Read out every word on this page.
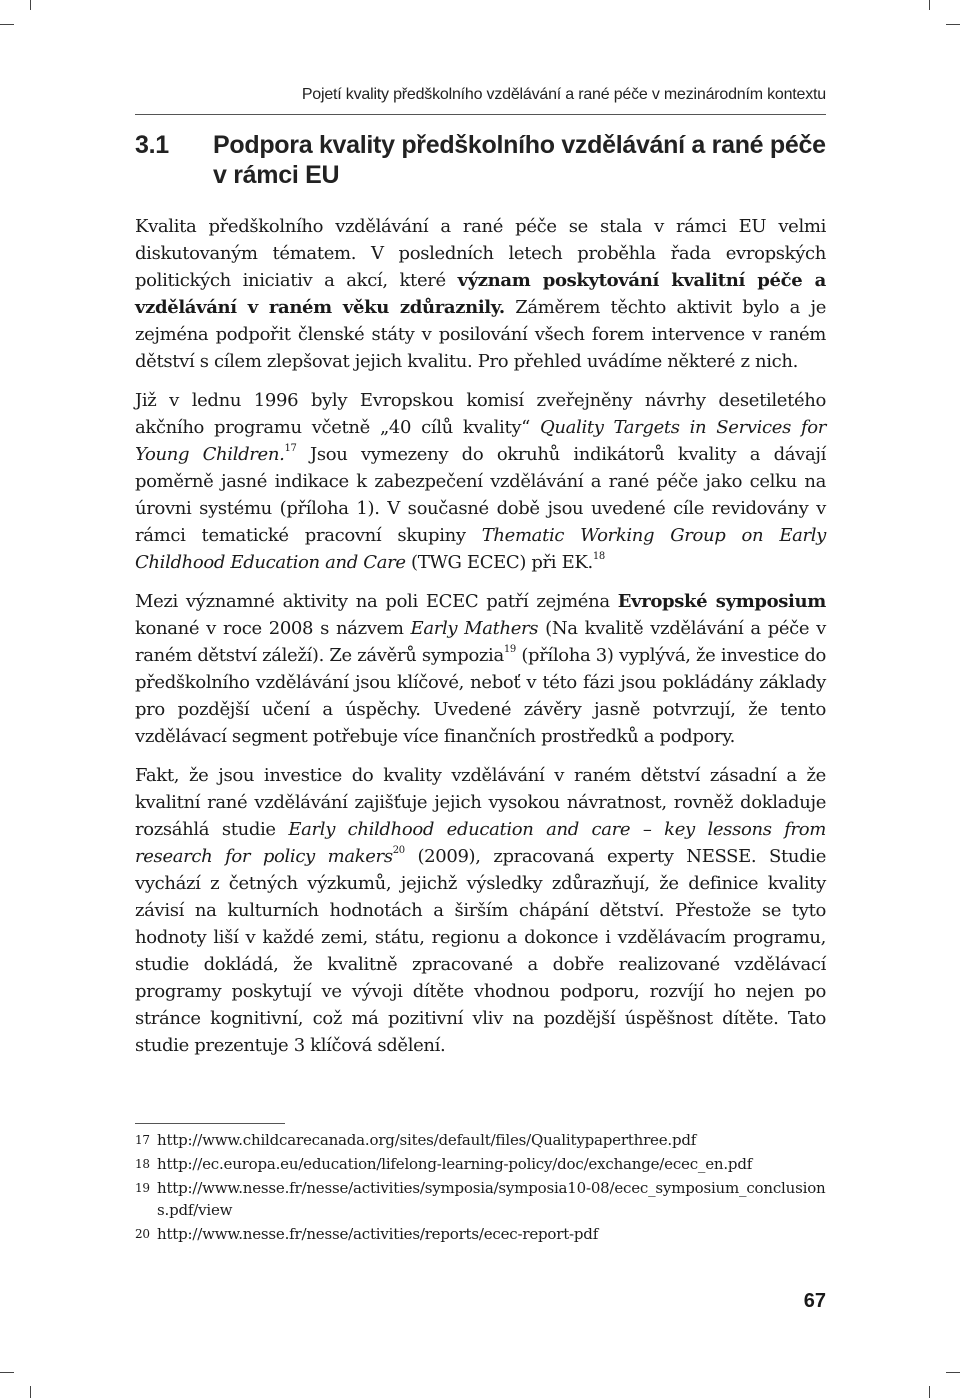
Pojetí kvality předškolního vzdělávání a rané péče v mezinárodním kontextu
3.1 Podpora kvality předškolního vzdělávání a rané péče
v rámci EU

Kvalita předškolního vzdělávání a rané péče se stala v rámci EU velmi diskutovaným tématem. V posledních letech proběhla řada evropských politických iniciativ a akcí, které význam poskytování kvalitní péče a vzdělávání v raném věku zdůraznily. Záměrem těchto aktivit bylo a je zejména podpořit členské státy v posilování všech forem intervence v raném dětství s cílem zlepšovat jejich kvalitu. Pro přehled uvádíme některé z nich.

Již v lednu 1996 byly Evropskou komisí zveřejněny návrhy desetiletého akčního programu včetně „40 cílů kvality“ Quality Targets in Services for Young Children.$^{17}$ Jsou vymezeny do okruhů indikátorů kvality a dávají poměrně jasné indikace k zabezpečení vzdělávání a rané péče jako celku na úrovni systému (příloha 1). V současné době jsou uvedené cíle revidovány v rámci tematické pracovní skupiny Thematic Working Group on Early Childhood Education and Care (TWG ECEC) při EK.$^{18}$

Mezi významné aktivity na poli ECEC patří zejména Evropské symposium konané v roce 2008 s názvem Early Mathers (Na kvalitě vzdělávání a péče v raném dětství záleží). Ze závěrů sympozia$^{19}$ (příloha 3) vyplývá, že investice do předškolního vzdělávání jsou klíčové, neboť v této fázi jsou pokládány základy pro pozdější učení a úspěchy. Uvedené závěry jasně potvrzují, že tento vzdělávací segment potřebuje více finančních prostředků a podpory.

Fakt, že jsou investice do kvality vzdělávání v raném dětství zásadní a že kvalitní rané vzdělávání zajišťuje jejich vysokou návratnost, rovněž dokladuje rozsáhlá studie Early childhood education and care – key lessons from research for policy makers$^{20}$ (2009), zpracovaná experty NESSE. Studie vychází z četných výzkumů, jejichž výsledky zdůrazňují, že definice kvality závisí na kulturních hodnotách a širším chápání dětství. Přestože se tyto hodnoty liší v každé zemi, státu, regionu a dokonce i vzdělávacím programu, studie dokládá, že kvalitně zpracované a dobře realizované vzdělávací programy poskytují ve vývoji dítěte vhodnou podporu, rozvíjí ho nejen po stránce kognitivní, což má pozitivní vliv na pozdější úspěšnost dítěte. Tato studie prezentuje 3 klíčová sdělení.

17 http://www.childcarecanada.org/sites/default/files/Qualitypaperthree.pdf
18 http://ec.europa.eu/education/lifelong-learning-policy/doc/exchange/ecec_en.pdf
19 http://www.nesse.fr/nesse/activities/symposia/symposia10-08/ecec_symposium_conclusions.pdf/view
20 http://www.nesse.fr/nesse/activities/reports/ecec-report-pdf
67
